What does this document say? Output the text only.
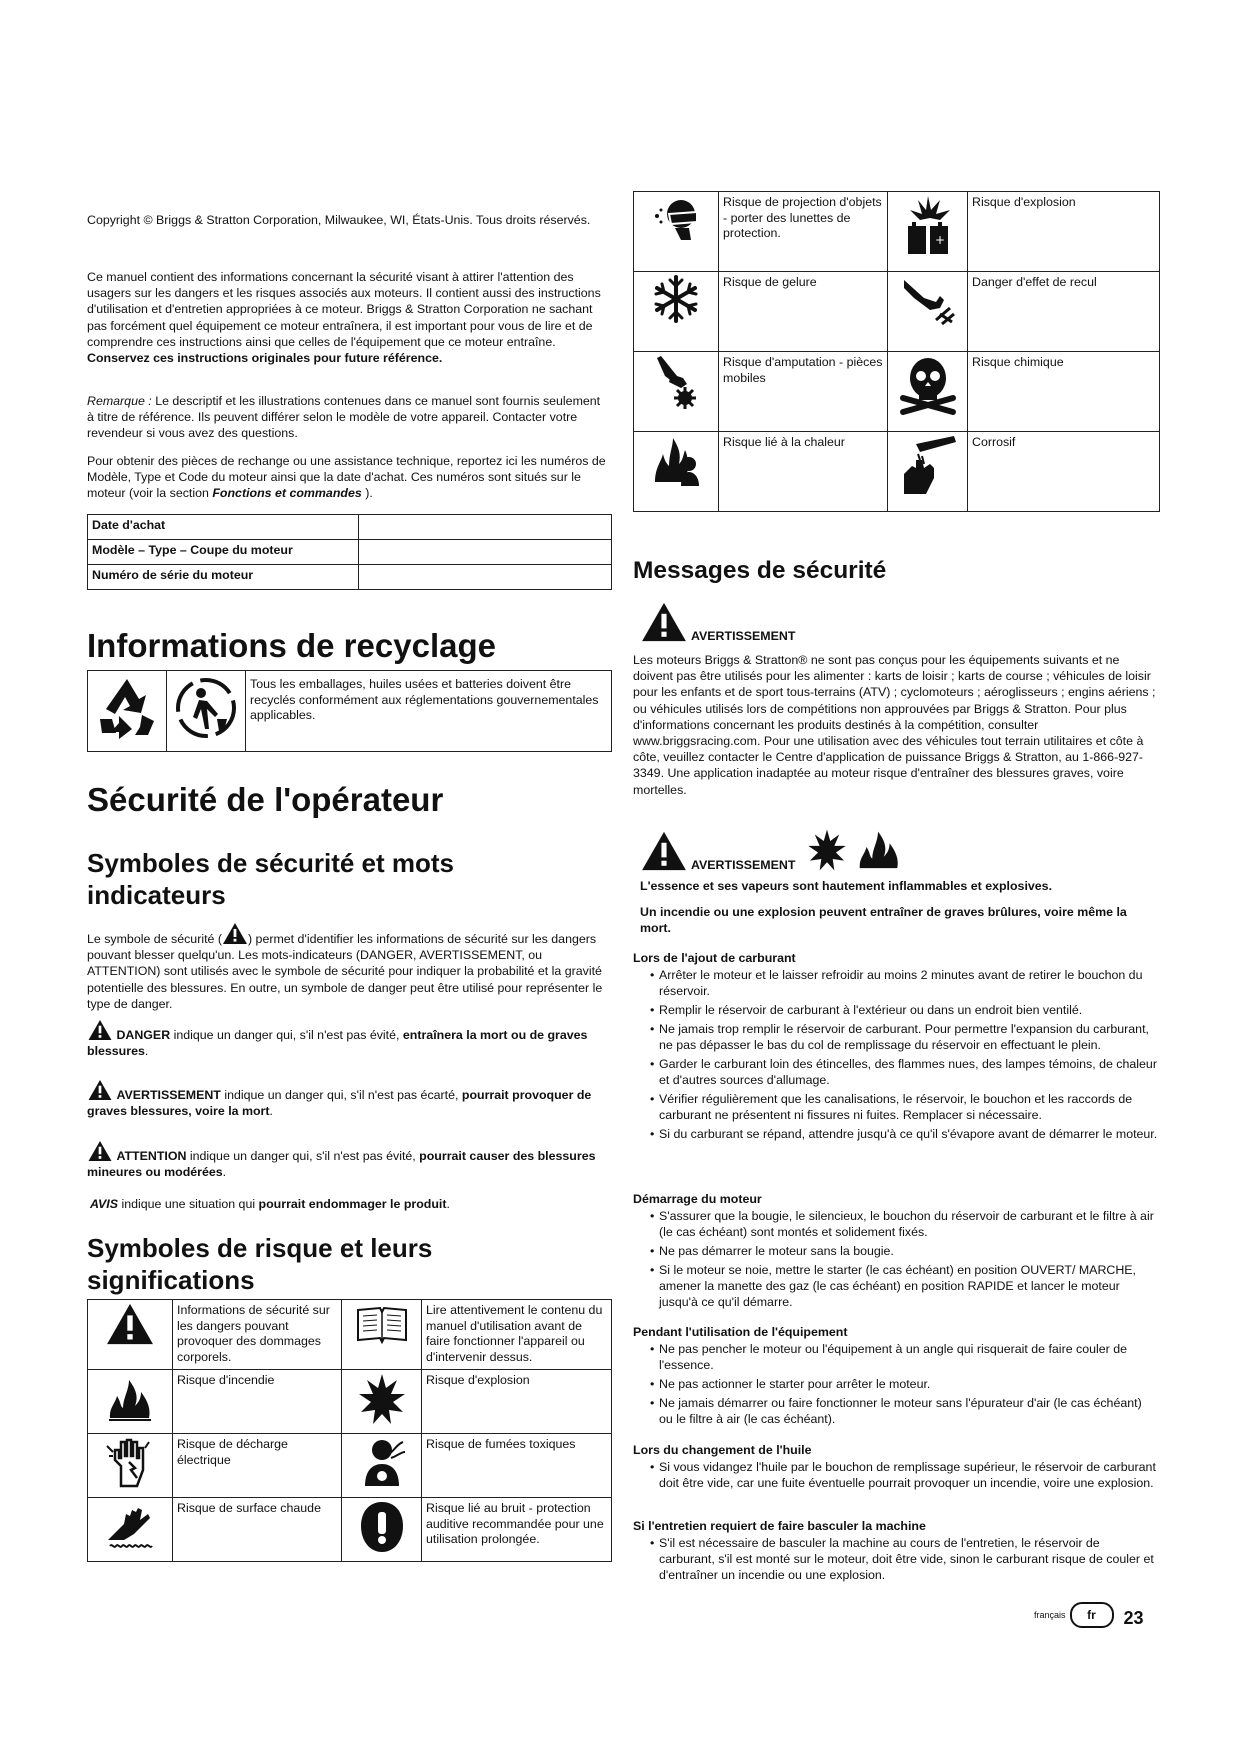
Copyright © Briggs & Stratton Corporation, Milwaukee, WI, États-Unis. Tous droits réservés.

Ce manuel contient des informations concernant la sécurité visant à attirer l'attention des usagers sur les dangers et les risques associés aux moteurs. Il contient aussi des instructions d'utilisation et d'entretien appropriées à ce moteur. Briggs & Stratton Corporation ne sachant pas forcément quel équipement ce moteur entraînera, il est important pour vous de lire et de comprendre ces instructions ainsi que celles de l'équipement que ce moteur entraîne. Conservez ces instructions originales pour future référence.

Remarque : Le descriptif et les illustrations contenues dans ce manuel sont fournis seulement à titre de référence. Ils peuvent différer selon le modèle de votre appareil. Contacter votre revendeur si vous avez des questions.

Pour obtenir des pièces de rechange ou une assistance technique, reportez ici les numéros de Modèle, Type et Code du moteur ainsi que la date d'achat. Ces numéros sont situés sur le moteur (voir la section Fonctions et commandes ).

Date d'achat	
Modèle – Type – Coupe du moteur	
Numéro de série du moteur	
Informations de recyclage

	Tous les emballages, huiles usées et batteries doivent être recyclés conformément aux réglementations gouvernementales applicables.
Sécurité de l'opérateur
Symboles de sécurité et mots indicateurs

Le symbole de sécurité ( ) permet d'identifier les informations de sécurité sur les dangers pouvant blesser quelqu'un. Les mots-indicateurs (DANGER, AVERTISSEMENT, ou ATTENTION) sont utilisés avec le symbole de sécurité pour indiquer la probabilité et la gravité potentielle des blessures. En outre, un symbole de danger peut être utilisé pour représenter le type de danger.

DANGER indique un danger qui, s'il n'est pas évité, entraînera la mort ou de graves blessures.

AVERTISSEMENT indique un danger qui, s'il n'est pas écarté, pourrait provoquer de graves blessures, voire la mort.

ATTENTION indique un danger qui, s'il n'est pas évité, pourrait causer des blessures mineures ou modérées.

AVIS indique une situation qui pourrait endommager le produit.

Symboles de risque et leurs significations
	Informations de sécurité sur les dangers pouvant provoquer des dommages corporels.		Lire attentivement le contenu du manuel d'utilisation avant de faire fonctionner l'appareil ou d'intervenir dessus.

	Risque d'incendie		Risque d'explosion

	Risque de décharge électrique		Risque de fumées toxiques

	Risque de surface chaude		Risque lié au bruit - protection auditive recommandée pour une utilisation prolongée.
	Risque de projection d'objets - porter des lunettes de protection.	+	Risque d'explosion

	Risque de gelure		Danger d'effet de recul

	Risque d'amputation - pièces mobiles		Risque chimique

	Risque lié à la chaleur		Corrosif
Messages de sécurité
AVERTISSEMENT

Les moteurs Briggs & Stratton® ne sont pas conçus pour les équipements suivants et ne doivent pas être utilisés pour les alimenter : karts de loisir ; karts de course ; véhicules de loisir pour les enfants et de sport tous-terrains (ATV) ; cyclomoteurs ; aéroglisseurs ; engins aériens ; ou véhicules utilisés lors de compétitions non approuvées par Briggs & Stratton. Pour plus d'informations concernant les produits destinés à la compétition, consulter www.briggsracing.com. Pour une utilisation avec des véhicules tout terrain utilitaires et côte à côte, veuillez contacter le Centre d'application de puissance Briggs & Stratton, au 1-866-927-3349. Une application inadaptée au moteur risque d'entraîner des blessures graves, voire mortelles.

AVERTISSEMENT

L'essence et ses vapeurs sont hautement inflammables et explosives.

Un incendie ou une explosion peuvent entraîner de graves brûlures, voire même la mort.

Lors de l'ajout de carburant

• Arrêter le moteur et le laisser refroidir au moins 2 minutes avant de retirer le bouchon du réservoir.
• Remplir le réservoir de carburant à l'extérieur ou dans un endroit bien ventilé.
• Ne jamais trop remplir le réservoir de carburant. Pour permettre l'expansion du carburant, ne pas dépasser le bas du col de remplissage du réservoir en effectuant le plein.
• Garder le carburant loin des étincelles, des flammes nues, des lampes témoins, de chaleur et d'autres sources d'allumage.
• Vérifier régulièrement que les canalisations, le réservoir, le bouchon et les raccords de carburant ne présentent ni fissures ni fuites. Remplacer si nécessaire.
• Si du carburant se répand, attendre jusqu'à ce qu'il s'évapore avant de démarrer le moteur.

Démarrage du moteur

• S'assurer que la bougie, le silencieux, le bouchon du réservoir de carburant et le filtre à air (le cas échéant) sont montés et solidement fixés.
• Ne pas démarrer le moteur sans la bougie.
• Si le moteur se noie, mettre le starter (le cas échéant) en position OUVERT/ MARCHE, amener la manette des gaz (le cas échéant) en position RAPIDE et lancer le moteur jusqu'à ce qu'il démarre.

Pendant l'utilisation de l'équipement

• Ne pas pencher le moteur ou l'équipement à un angle qui risquerait de faire couler de l'essence.
• Ne pas actionner le starter pour arrêter le moteur.
• Ne jamais démarrer ou faire fonctionner le moteur sans l'épurateur d'air (le cas échéant) ou le filtre à air (le cas échéant).

Lors du changement de l'huile

• Si vous vidangez l'huile par le bouchon de remplissage supérieur, le réservoir de carburant doit être vide, car une fuite éventuelle pourrait provoquer un incendie, voire une explosion.

Si l'entretien requiert de faire basculer la machine

• S'il est nécessaire de basculer la machine au cours de l'entretien, le réservoir de carburant, s'il est monté sur le moteur, doit être vide, sinon le carburant risque de couler et d'entraîner un incendie ou une explosion.
français	fr	23
